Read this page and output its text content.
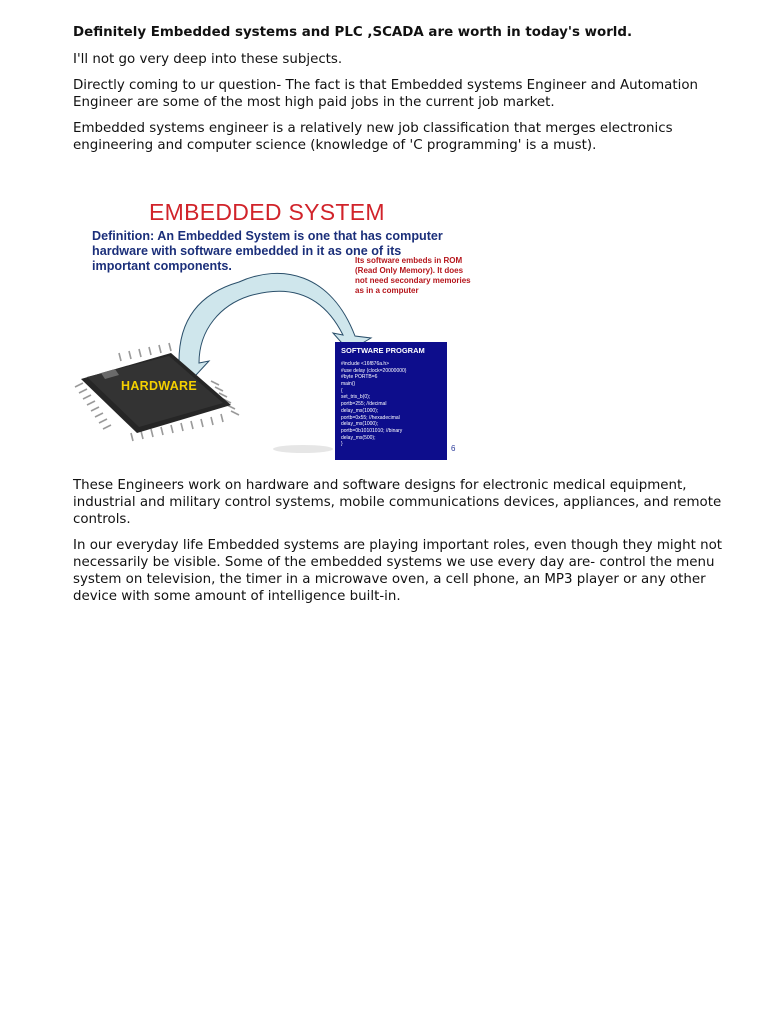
Definitely Embedded systems and PLC ,SCADA are worth in today's world.

I'll not go very deep into these subjects.

Directly coming to ur question- The fact is that Embedded systems Engineer and Automation Engineer are some of the most high paid jobs in the current job market.

Embedded systems engineer is a relatively new job classification that merges electronics engineering and computer science (knowledge of 'C programming' is a must).

EMBEDDED SYSTEM
Definition: An Embedded System is one that has computer hardware with software embedded in it as one of its important components.	Its software embeds in ROM (Read Only Memory). It does not need secondary memories as in a computer
HARDWARE
SOFTWARE PROGRAM
#include <16f876a.h>
#use delay (clock=20000000)
#byte PORTB=6
main()
{
set_tris_b(0);
portb=255; //decimal
delay_ms(1000);
portb=0x55; //hexadecimal
delay_ms(1000);
portb=0b10101010; //binary
delay_ms(500);
}	6

These Engineers work on hardware and software designs for electronic medical equipment, industrial and military control systems, mobile communications devices, appliances, and remote controls.

In our everyday life Embedded systems are playing important roles, even though they might not necessarily be visible. Some of the embedded systems we use every day are- control the menu system on television, the timer in a microwave oven, a cell phone, an MP3 player or any other device with some amount of intelligence built-in.
